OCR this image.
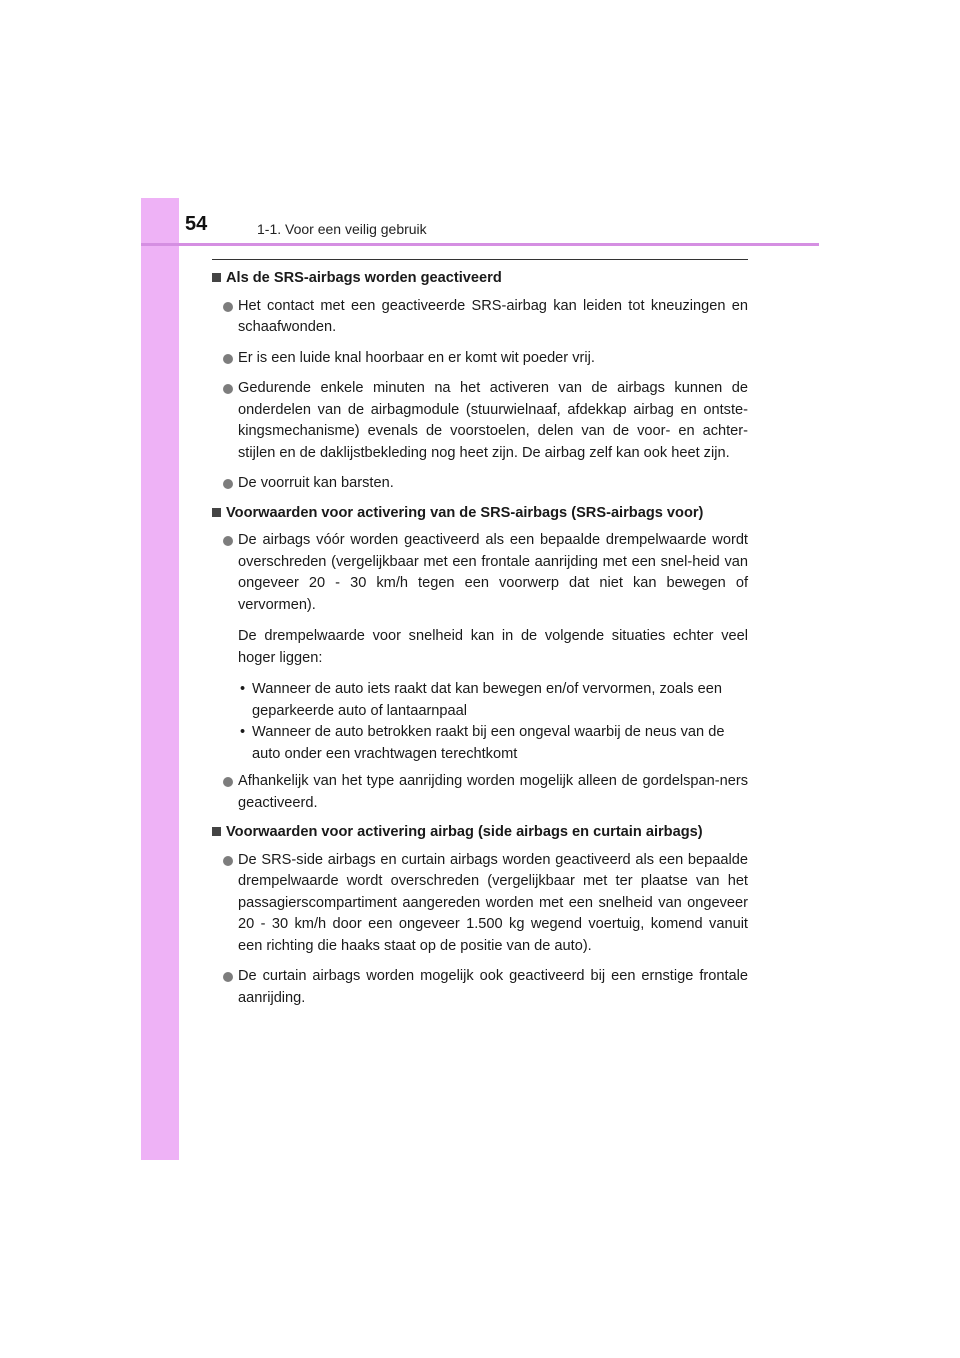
54	1-1. Voor een veilig gebruik

Als de SRS-airbags worden geactiveerd

Het contact met een geactiveerde SRS-airbag kan leiden tot kneuzingen en schaafwonden.

Er is een luide knal hoorbaar en er komt wit poeder vrij.

Gedurende enkele minuten na het activeren van de airbags kunnen de onderdelen van de airbagmodule (stuurwielnaaf, afdekkap airbag en ontste-kingsmechanisme) evenals de voorstoelen, delen van de voor- en achter-stijlen en de daklijstbekleding nog heet zijn. De airbag zelf kan ook heet zijn.

De voorruit kan barsten.

Voorwaarden voor activering van de SRS-airbags (SRS-airbags voor)

De airbags vóór worden geactiveerd als een bepaalde drempelwaarde wordt overschreden (vergelijkbaar met een frontale aanrijding met een snel-heid van ongeveer 20 - 30 km/h tegen een voorwerp dat niet kan bewegen of vervormen).

De drempelwaarde voor snelheid kan in de volgende situaties echter veel hoger liggen:

• Wanneer de auto iets raakt dat kan bewegen en/of vervormen, zoals een geparkeerde auto of lantaarnpaal
• Wanneer de auto betrokken raakt bij een ongeval waarbij de neus van de auto onder een vrachtwagen terechtkomt

Afhankelijk van het type aanrijding worden mogelijk alleen de gordelspan-ners geactiveerd.

Voorwaarden voor activering airbag (side airbags en curtain airbags)

De SRS-side airbags en curtain airbags worden geactiveerd als een bepaalde drempelwaarde wordt overschreden (vergelijkbaar met ter plaatse van het passagierscompartiment aangereden worden met een snelheid van ongeveer 20 - 30 km/h door een ongeveer 1.500 kg wegend voertuig, komend vanuit een richting die haaks staat op de positie van de auto).

De curtain airbags worden mogelijk ook geactiveerd bij een ernstige frontale aanrijding.
